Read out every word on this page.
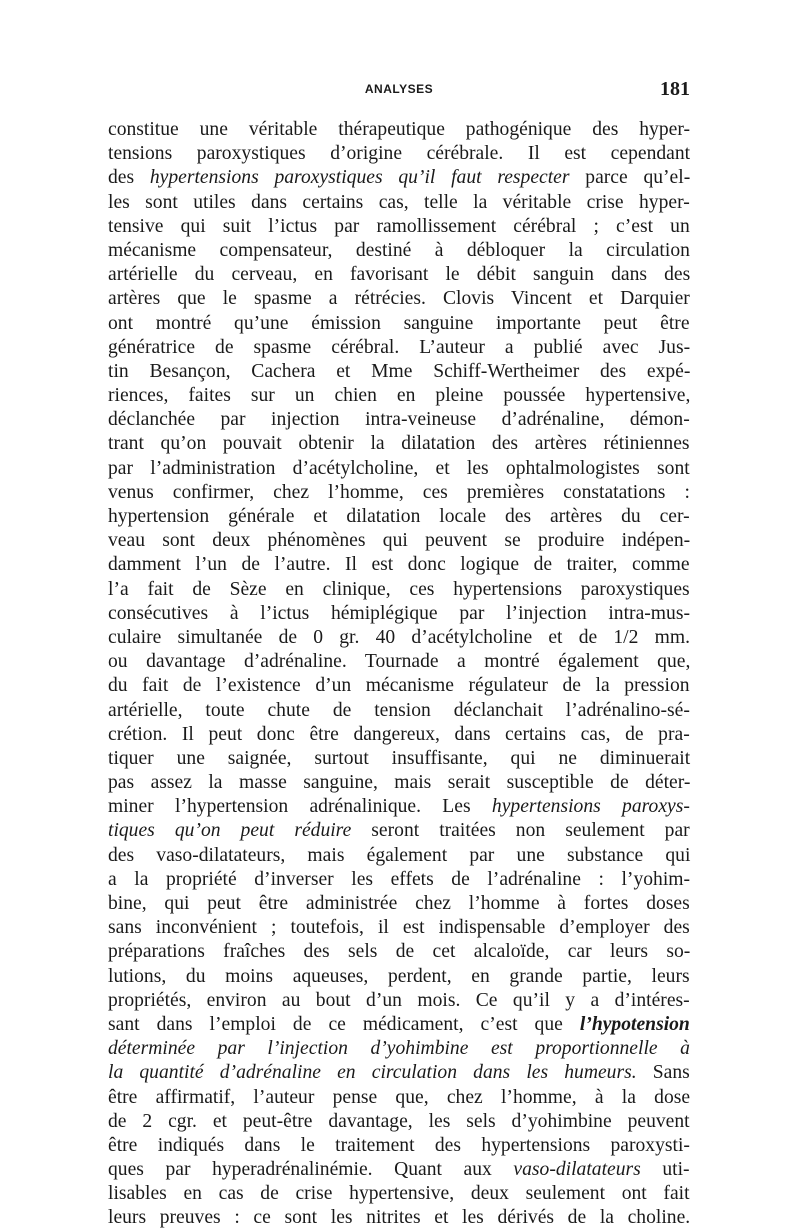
ANALYSES	181
constitue une véritable thérapeutique pathogénique des hyper-
tensions paroxystiques d’origine cérébrale. Il est cependant
des hypertensions paroxystiques qu’il faut respecter parce qu’el-
les sont utiles dans certains cas, telle la véritable crise hyper-
tensive qui suit l’ictus par ramollissement cérébral ; c’est un
mécanisme compensateur, destiné à débloquer la circulation
artérielle du cerveau, en favorisant le débit sanguin dans des
artères que le spasme a rétrécies. Clovis Vincent et Darquier
ont montré qu’une émission sanguine importante peut être
génératrice de spasme cérébral. L’auteur a publié avec Jus-
tin Besançon, Cachera et Mme Schiff-Wertheimer des expé-
riences, faites sur un chien en pleine poussée hypertensive,
déclanchée par injection intra-veineuse d’adrénaline, démon-
trant qu’on pouvait obtenir la dilatation des artères rétiniennes
par l’administration d’acétylcholine, et les ophtalmologistes sont
venus confirmer, chez l’homme, ces premières constatations :
hypertension générale et dilatation locale des artères du cer-
veau sont deux phénomènes qui peuvent se produire indépen-
damment l’un de l’autre. Il est donc logique de traiter, comme
l’a fait de Sèze en clinique, ces hypertensions paroxystiques
consécutives à l’ictus hémiplégique par l’injection intra-mus-
culaire simultanée de 0 gr. 40 d’acétylcholine et de 1/2 mm.
ou davantage d’adrénaline. Tournade a montré également que,
du fait de l’existence d’un mécanisme régulateur de la pression
artérielle, toute chute de tension déclanchait l’adrénalino-sé-
crétion. Il peut donc être dangereux, dans certains cas, de pra-
tiquer une saignée, surtout insuffisante, qui ne diminuerait
pas assez la masse sanguine, mais serait susceptible de déter-
miner l’hypertension adrénalinique. Les hypertensions paroxys-
tiques qu’on peut réduire seront traitées non seulement par
des vaso-dilatateurs, mais également par une substance qui
a la propriété d’inverser les effets de l’adrénaline : l’yohim-
bine, qui peut être administrée chez l’homme à fortes doses
sans inconvénient ; toutefois, il est indispensable d’employer des
préparations fraîches des sels de cet alcaloïde, car leurs so-
lutions, du moins aqueuses, perdent, en grande partie, leurs
propriétés, environ au bout d’un mois. Ce qu’il y a d’intéres-
sant dans l’emploi de ce médicament, c’est que l’hypotension
déterminée par l’injection d’yohimbine est proportionnelle à
la quantité d’adrénaline en circulation dans les humeurs. Sans
être affirmatif, l’auteur pense que, chez l’homme, à la dose
de 2 cgr. et peut-être davantage, les sels d’yohimbine peuvent
être indiqués dans le traitement des hypertensions paroxysti-
ques par hyperadrénalinémie. Quant aux vaso-dilatateurs uti-
lisables en cas de crise hypertensive, deux seulement ont fait
leurs preuves : ce sont les nitrites et les dérivés de la choline.
